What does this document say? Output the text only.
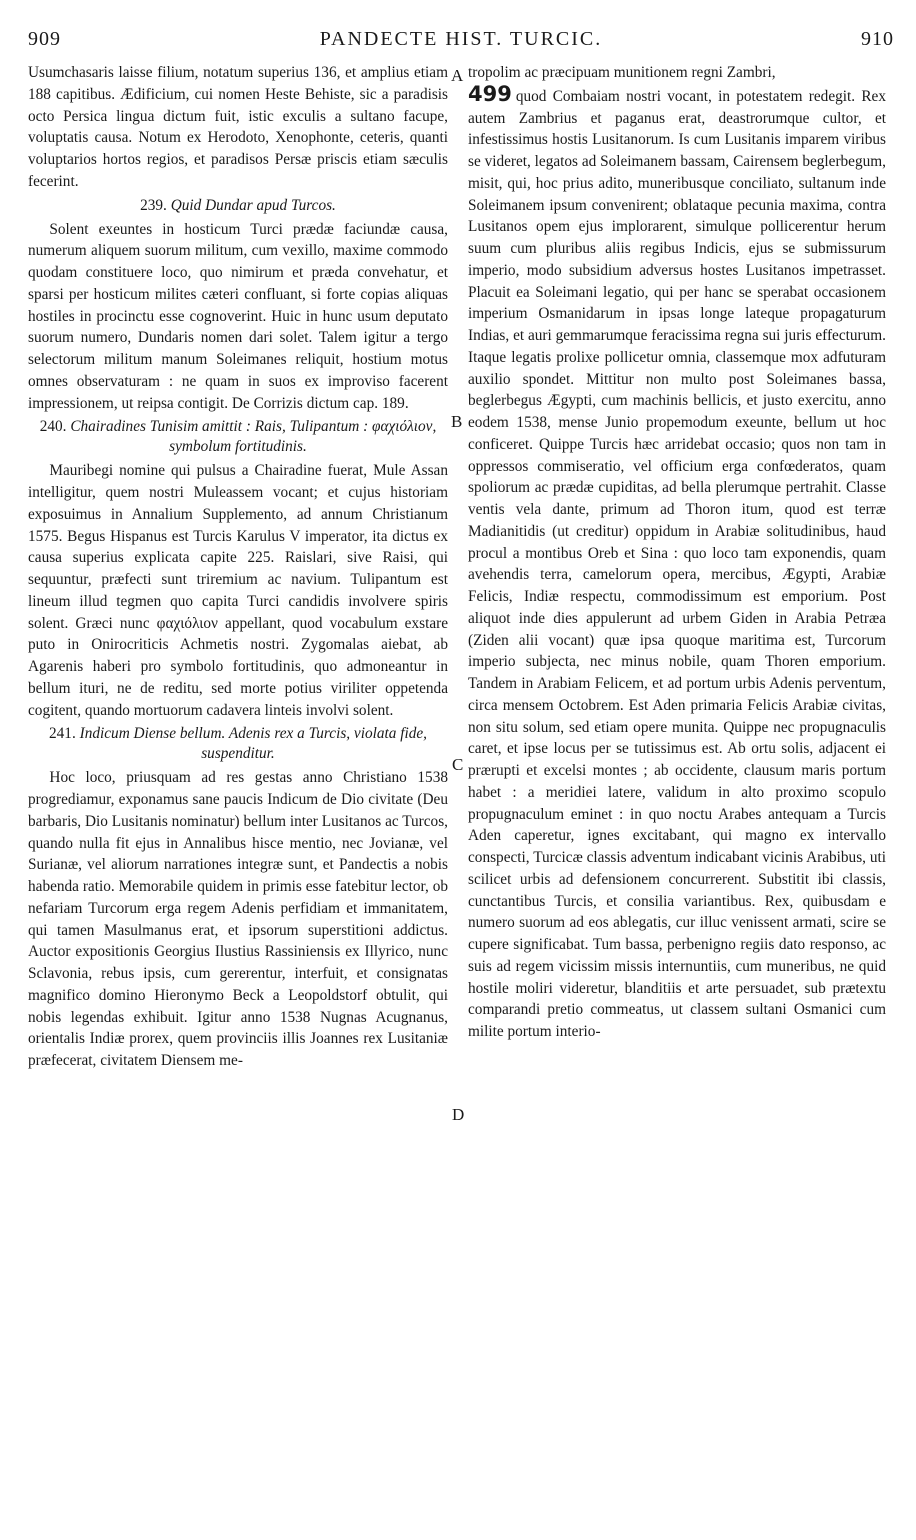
909	PANDECTE HIST. TURCIC.	910

Usumchasaris laisse filium, notatum superius 136, et amplius etiam 188 capitibus. Ædificium, cui nomen Heste Behiste, sic a paradisis octo Persica lingua dictum fuit, istic exculis a sultano facupe, voluptatis causa. Notum ex Herodoto, Xenophonte, ceteris, quanti voluptarios hortos regios, et paradisos Persæ priscis etiam sæculis fecerint.

239. Quid Dundar apud Turcos.

Solent exeuntes in hosticum Turci prædæ faciundæ causa, numerum aliquem suorum militum, cum vexillo, maxime commodo quodam constituere loco, quo nimirum et præda convehatur, et sparsi per hosticum milites cæteri confluant, si forte copias aliquas hostiles in procinctu esse cognoverint. Huic in hunc usum deputato suorum numero, Dundaris nomen dari solet. Talem igitur a tergo selectorum militum manum Soleimanes reliquit, hostium motus omnes observaturam : ne quam in suos ex improviso facerent impressionem, ut reipsa contigit. De Corrizis dictum cap. 189.

240. Chairadines Tunisim amittit : Rais, Tulipantum : φαχιόλιον, symbolum fortitudinis.

Mauribegi nomine qui pulsus a Chairadine fuerat, Mule Assan intelligitur, quem nostri Muleassem vocant; et cujus historiam exposuimus in Annalium Supplemento, ad annum Christianum 1575. Begus Hispanus est Turcis Karulus V imperator, ita dictus ex causa superius explicata capite 225. Raislari, sive Raisi, qui sequuntur, præfecti sunt triremium ac navium. Tulipantum est lineum illud tegmen quo capita Turci candidis involvere spiris solent. Græci nunc φαχιόλιον appellant, quod vocabulum exstare puto in Onirocriticis Achmetis nostri. Zygomalas aiebat, ab Agarenis haberi pro symbolo fortitudinis, quo admoneantur in bellum ituri, ne de reditu, sed morte potius viriliter oppetenda cogitent, quando mortuorum cadavera linteis involvi solent.

241. Indicum Diense bellum. Adenis rex a Turcis, violata fide, suspenditur.

Hoc loco, priusquam ad res gestas anno Christiano 1538 progrediamur, exponamus sane paucis Indicum de Dio civitate (Deu barbaris, Dio Lusitanis nominatur) bellum inter Lusitanos ac Turcos, quando nulla fit ejus in Annalibus hisce mentio, nec Jovianæ, vel Surianæ, vel aliorum narrationes integræ sunt, et Pandectis a nobis habenda ratio. Memorabile quidem in primis esse fatebitur lector, ob nefariam Turcorum erga regem Adenis perfidiam et immanitatem, qui tamen Masulmanus erat, et ipsorum superstitioni addictus. Auctor expositionis Georgius Ilustius Rassiniensis ex Illyrico, nunc Sclavonia, rebus ipsis, cum gererentur, interfuit, et consignatas magnifico domino Hieronymo Beck a Leopoldstorf obtulit, qui nobis legendas exhibuit. Igitur anno 1538 Nugnas Acugnanus, orientalis Indiæ prorex, quem provinciis illis Joannes rex Lusitaniæ præfecerat, civitatem Diensem me-

A
B
C
D

tropolim ac præcipuam munitionem regni Zambri,

499 quod Combaiam nostri vocant, in potestatem redegit. Rex autem Zambrius et paganus erat, deastrorumque cultor, et infestissimus hostis Lusitanorum. Is cum Lusitanis imparem viribus se videret, legatos ad Soleimanem bassam, Cairensem beglerbegum, misit, qui, hoc prius adito, muneribusque conciliato, sultanum inde Soleimanem ipsum convenirent; oblataque pecunia maxima, contra Lusitanos opem ejus implorarent, simulque pollicerentur herum suum cum pluribus aliis regibus Indicis, ejus se submissurum imperio, modo subsidium adversus hostes Lusitanos impetrasset. Placuit ea Soleimani legatio, qui per hanc se sperabat occasionem imperium Osmanidarum in ipsas longe lateque propagaturum Indias, et auri gemmarumque feracissima regna sui juris effecturum. Itaque legatis prolixe pollicetur omnia, classemque mox adfuturam auxilio spondet. Mittitur non multo post Soleimanes bassa, beglerbegus Ægypti, cum machinis bellicis, et justo exercitu, anno eodem 1538, mense Junio propemodum exeunte, bellum ut hoc conficeret. Quippe Turcis hæc arridebat occasio; quos non tam in oppressos commiseratio, vel officium erga confœderatos, quam spoliorum ac prædæ cupiditas, ad bella plerumque pertrahit. Classe ventis vela dante, primum ad Thoron itum, quod est terræ Madianitidis (ut creditur) oppidum in Arabiæ solitudinibus, haud procul a montibus Oreb et Sina : quo loco tam exponendis, quam avehendis terra, camelorum opera, mercibus, Ægypti, Arabiæ Felicis, Indiæ respectu, commodissimum est emporium. Post aliquot inde dies appulerunt ad urbem Giden in Arabia Petræa (Ziden alii vocant) quæ ipsa quoque maritima est, Turcorum imperio subjecta, nec minus nobile, quam Thoren emporium. Tandem in Arabiam Felicem, et ad portum urbis Adenis perventum, circa mensem Octobrem. Est Aden primaria Felicis Arabiæ civitas, non situ solum, sed etiam opere munita. Quippe nec propugnaculis caret, et ipse locus per se tutissimus est. Ab ortu solis, adjacent ei prærupti et excelsi montes ; ab occidente, clausum maris portum habet : a meridiei latere, validum in alto proximo scopulo propugnaculum eminet : in quo noctu Arabes antequam a Turcis Aden caperetur, ignes excitabant, qui magno ex intervallo conspecti, Turcicæ classis adventum indicabant vicinis Arabibus, uti scilicet urbis ad defensionem concurrerent. Substitit ibi classis, cunctantibus Turcis, et consilia variantibus. Rex, quibusdam e numero suorum ad eos ablegatis, cur illuc venissent armati, scire se cupere significabat. Tum bassa, perbenigno regiis dato responso, ac suis ad regem vicissim missis internuntiis, cum muneribus, ne quid hostile moliri videretur, blanditiis et arte persuadet, sub prætextu comparandi pretio commeatus, ut classem sultani Osmanici cum militе portum interio-
